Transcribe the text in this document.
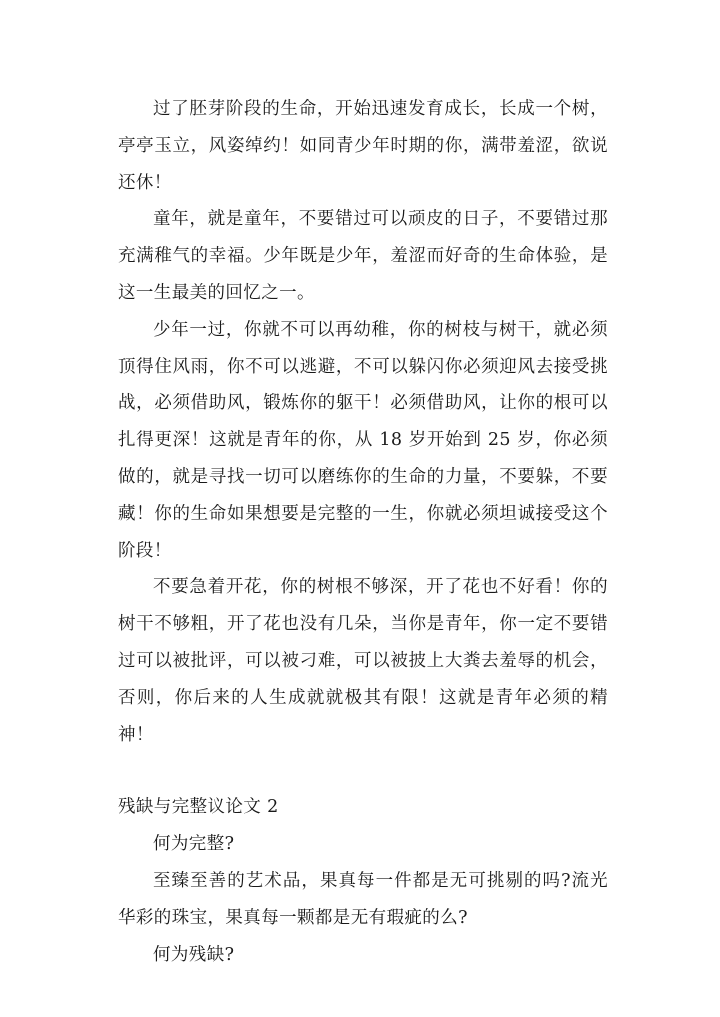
过了胚芽阶段的生命，开始迅速发育成长，长成一个树，亭亭玉立，风姿绰约！如同青少年时期的你，满带羞涩，欲说还休！

童年，就是童年，不要错过可以顽皮的日子，不要错过那充满稚气的幸福。少年既是少年，羞涩而好奇的生命体验，是这一生最美的回忆之一。

少年一过，你就不可以再幼稚，你的树枝与树干，就必须顶得住风雨，你不可以逃避，不可以躲闪你必须迎风去接受挑战，必须借助风，锻炼你的躯干！必须借助风，让你的根可以扎得更深！这就是青年的你，从 18 岁开始到 25 岁，你必须做的，就是寻找一切可以磨练你的生命的力量，不要躲，不要藏！你的生命如果想要是完整的一生，你就必须坦诚接受这个阶段！

不要急着开花，你的树根不够深，开了花也不好看！你的树干不够粗，开了花也没有几朵，当你是青年，你一定不要错过可以被批评，可以被刁难，可以被披上大粪去羞辱的机会，否则，你后来的人生成就就极其有限！这就是青年必须的精神！

残缺与完整议论文 2

何为完整?

至臻至善的艺术品，果真每一件都是无可挑剔的吗?流光华彩的珠宝，果真每一颗都是无有瑕疵的么?

何为残缺?
